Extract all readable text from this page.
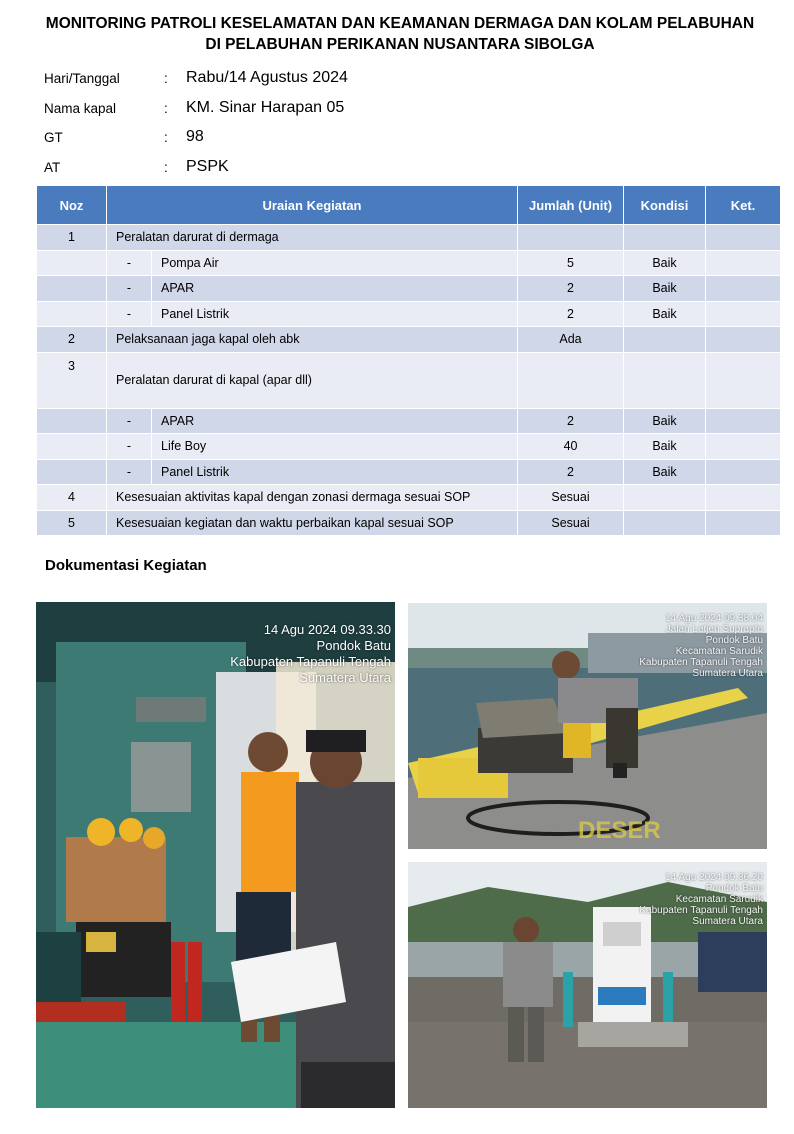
MONITORING PATROLI KESELAMATAN DAN KEAMANAN DERMAGA DAN KOLAM PELABUHAN
DI PELABUHAN PERIKANAN NUSANTARA SIBOLGA
Hari/Tanggal	: Rabu/14 Agustus 2024
Nama kapal	: KM. Sinar Harapan 05
GT	: 98
AT	: PSPK
Noz	Uraian Kegiatan		Jumlah (Unit)	Kondisi	Ket.
1	Peralatan darurat di dermaga				
	-	Pompa Air	5	Baik	
	-	APAR	2	Baik	
	-	Panel Listrik	2	Baik	
2	Pelaksanaan jaga kapal oleh abk		Ada		
3	Peralatan darurat di kapal (apar dll)				
	-	APAR	2	Baik	
	-	Life Boy	40	Baik	
	-	Panel Listrik	2	Baik	
4	Kesesuaian aktivitas kapal dengan zonasi dermaga sesuai SOP		Sesuai		
5	Kesesuaian kegiatan dan waktu perbaikan kapal sesuai SOP		Sesuai		
Dokumentasi Kegiatan
14 Agu 2024 09.33.30
Pondok Batu
Kabupaten Tapanuli Tengah
Sumatera Utara
DESER
14 Agu 2024 09.38.04
Jalan Letjen Suprapto
Pondok Batu
Kecamatan Sarudik
Kabupaten Tapanuli Tengah
Sumatera Utara
14 Agu 2024 09.36.20
Pondok Batu
Kecamatan Sarudik
Kabupaten Tapanuli Tengah
Sumatera Utara
